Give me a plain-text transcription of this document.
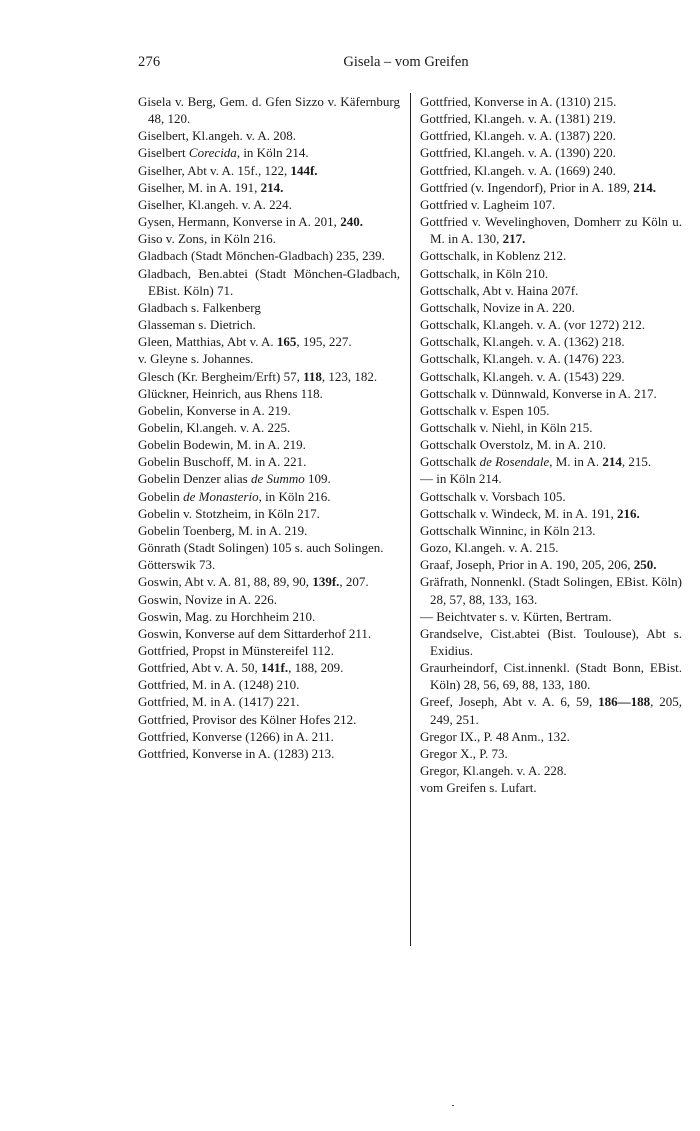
276	Gisela – vom Greifen

Gisela v. Berg, Gem. d. Gfen Sizzo v. Käfernburg 48, 120.

Giselbert, Kl.angeh. v. A. 208.

Giselbert Corecida, in Köln 214.

Giselher, Abt v. A. 15f., 122, 144f.

Giselher, M. in A. 191, 214.

Giselher, Kl.angeh. v. A. 224.

Gysen, Hermann, Konverse in A. 201, 240.

Giso v. Zons, in Köln 216.

Gladbach (Stadt Mönchen-Gladbach) 235, 239.

Gladbach, Ben.abtei (Stadt Mönchen-Gladbach, EBist. Köln) 71.

Gladbach s. Falkenberg

Glasseman s. Dietrich.

Gleen, Matthias, Abt v. A. 165, 195, 227.

v. Gleyne s. Johannes.

Glesch (Kr. Bergheim/Erft) 57, 118, 123, 182.

Glückner, Heinrich, aus Rhens 118.

Gobelin, Konverse in A. 219.

Gobelin, Kl.angeh. v. A. 225.

Gobelin Bodewin, M. in A. 219.

Gobelin Buschoff, M. in A. 221.

Gobelin Denzer alias de Summo 109.

Gobelin de Monasterio, in Köln 216.

Gobelin v. Stotzheim, in Köln 217.

Gobelin Toenberg, M. in A. 219.

Gönrath (Stadt Solingen) 105 s. auch Solingen.

Götterswik 73.

Goswin, Abt v. A. 81, 88, 89, 90, 139f., 207.

Goswin, Novize in A. 226.

Goswin, Mag. zu Horchheim 210.

Goswin, Konverse auf dem Sittarderhof 211.

Gottfried, Propst in Münstereifel 112.

Gottfried, Abt v. A. 50, 141f., 188, 209.

Gottfried, M. in A. (1248) 210.

Gottfried, M. in A. (1417) 221.

Gottfried, Provisor des Kölner Hofes 212.

Gottfried, Konverse (1266) in A. 211.

Gottfried, Konverse in A. (1283) 213.

Gottfried, Konverse in A. (1310) 215.

Gottfried, Kl.angeh. v. A. (1381) 219.

Gottfried, Kl.angeh. v. A. (1387) 220.

Gottfried, Kl.angeh. v. A. (1390) 220.

Gottfried, Kl.angeh. v. A. (1669) 240.

Gottfried (v. Ingendorf), Prior in A. 189, 214.

Gottfried v. Lagheim 107.

Gottfried v. Wevelinghoven, Domherr zu Köln u. M. in A. 130, 217.

Gottschalk, in Koblenz 212.

Gottschalk, in Köln 210.

Gottschalk, Abt v. Haina 207f.

Gottschalk, Novize in A. 220.

Gottschalk, Kl.angeh. v. A. (vor 1272) 212.

Gottschalk, Kl.angeh. v. A. (1362) 218.

Gottschalk, Kl.angeh. v. A. (1476) 223.

Gottschalk, Kl.angeh. v. A. (1543) 229.

Gottschalk v. Dünnwald, Konverse in A. 217.

Gottschalk v. Espen 105.

Gottschalk v. Niehl, in Köln 215.

Gottschalk Overstolz, M. in A. 210.

Gottschalk de Rosendale, M. in A. 214, 215.

— in Köln 214.

Gottschalk v. Vorsbach 105.

Gottschalk v. Windeck, M. in A. 191, 216.

Gottschalk Winninc, in Köln 213.

Gozo, Kl.angeh. v. A. 215.

Graaf, Joseph, Prior in A. 190, 205, 206, 250.

Gräfrath, Nonnenkl. (Stadt Solingen, EBist. Köln) 28, 57, 88, 133, 163.

— Beichtvater s. v. Kürten, Bertram.

Grandselve, Cist.abtei (Bist. Toulouse), Abt s. Exidius.

Graurheindorf, Cist.innenkl. (Stadt Bonn, EBist. Köln) 28, 56, 69, 88, 133, 180.

Greef, Joseph, Abt v. A. 6, 59, 186—188, 205, 249, 251.

Gregor IX., P. 48 Anm., 132.

Gregor X., P. 73.

Gregor, Kl.angeh. v. A. 228.

vom Greifen s. Lufart.
